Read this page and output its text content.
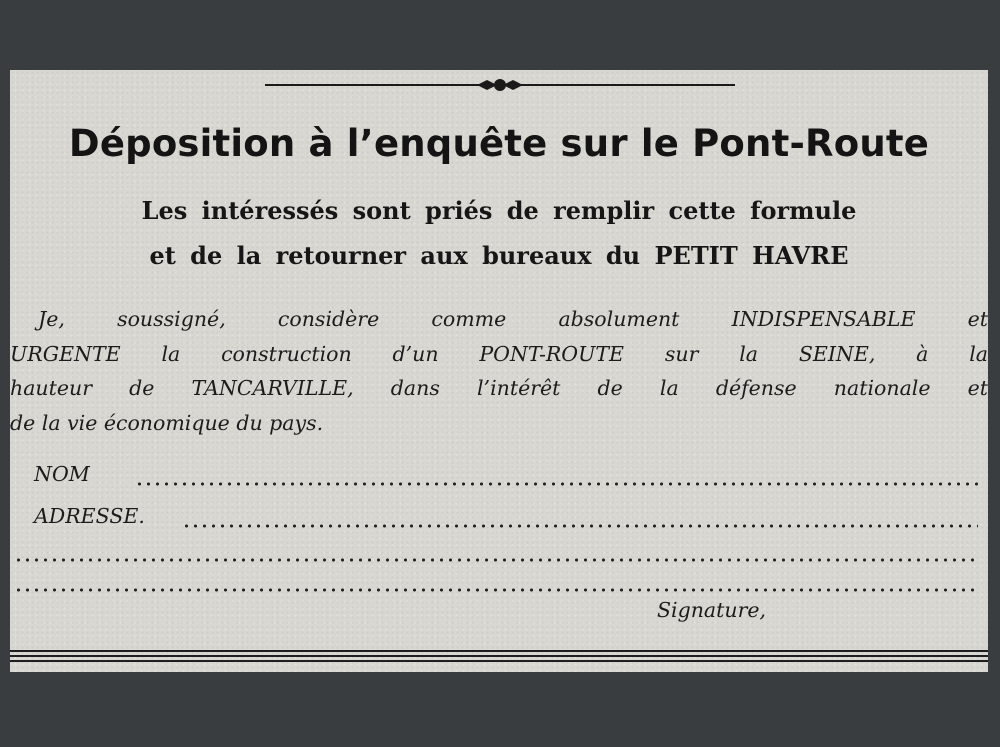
Déposition à l’enquête sur le Pont-Route
Les intéressés sont priés de remplir cette formule
et de la retourner aux bureaux du PETIT HAVRE
Je, soussigné, considère comme absolument INDISPENSABLE et
URGENTE la construction d’un PONT-ROUTE sur la SEINE, à la
hauteur de TANCARVILLE, dans l’intérêt de la défense nationale et
de la vie économique du pays.
NOM
ADRESSE.
Signature,
